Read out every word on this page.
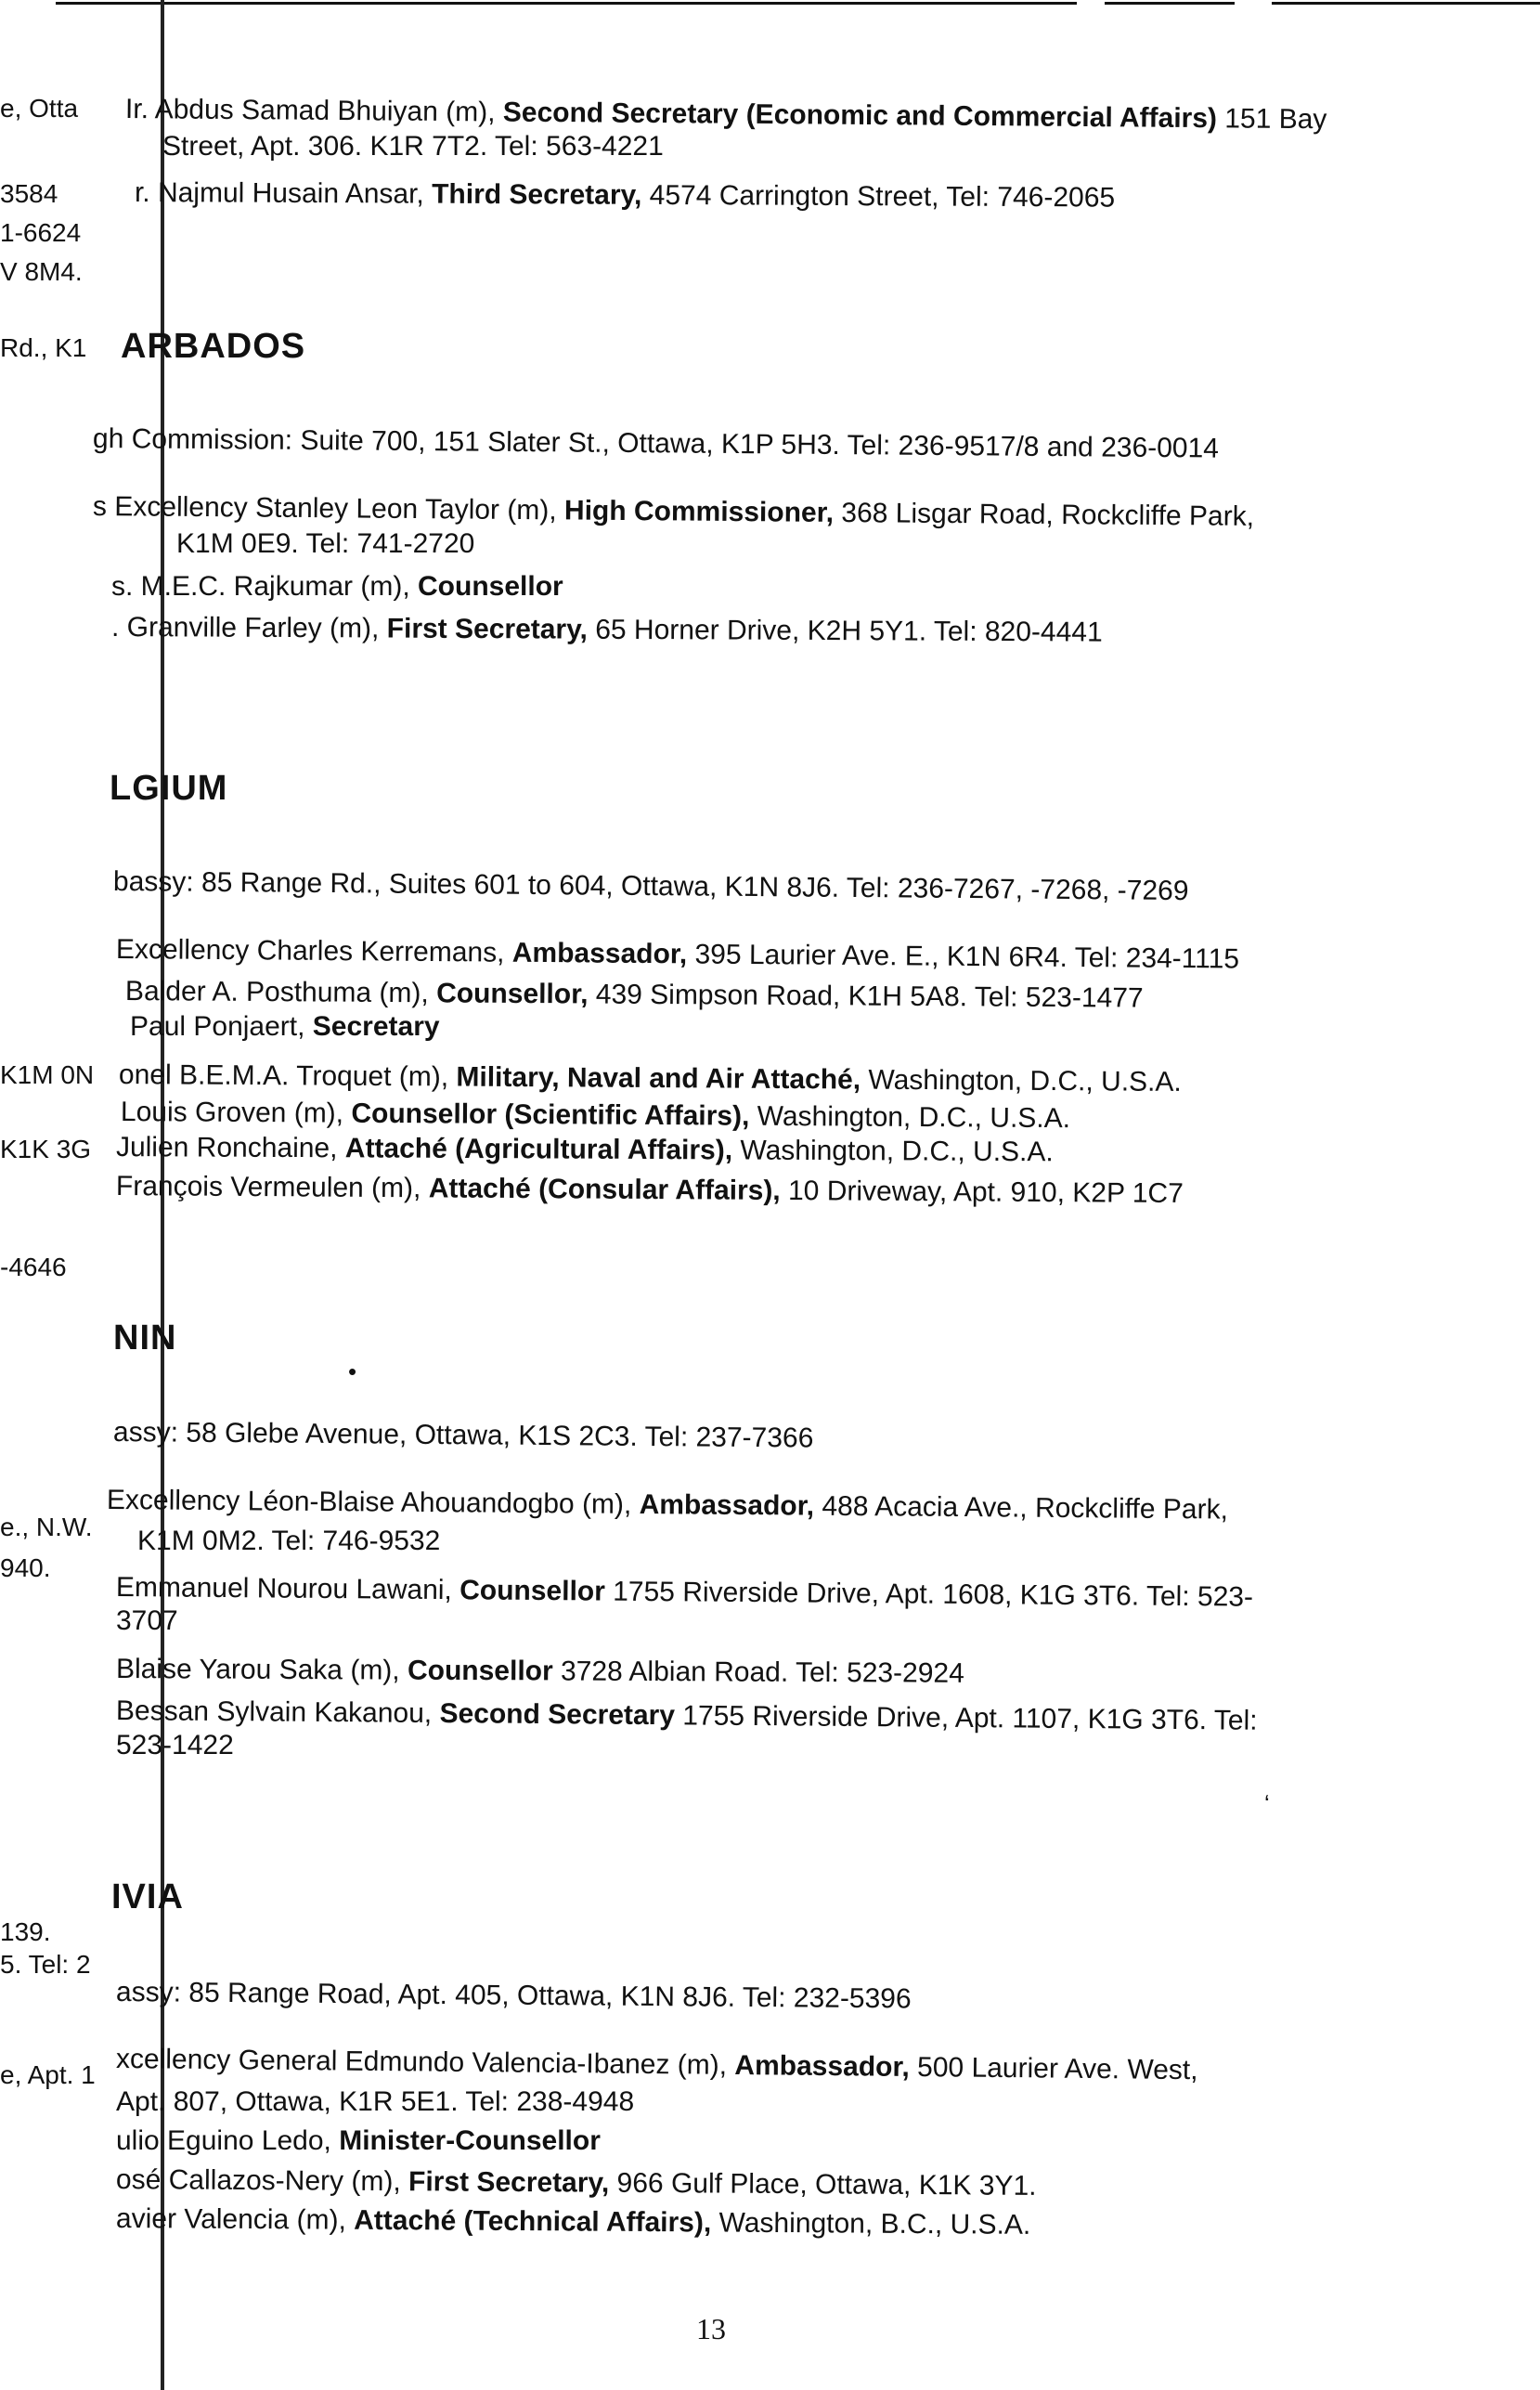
e, Otta
3584
1-6624
V 8M4.
Rd., K1
K1M 0N
K1K 3G
-4646
e., N.W.
940.
139.
5. Tel: 2
e, Apt. 1
Ir. Abdus Samad Bhuiyan (m), Second Secretary (Economic and Commercial Affairs) 151 Bay
Street, Apt. 306. K1R 7T2. Tel: 563-4221
r. Najmul Husain Ansar, Third Secretary, 4574 Carrington Street, Tel: 746-2065
ARBADOS
gh Commission: Suite 700, 151 Slater St., Ottawa, K1P 5H3. Tel: 236-9517/8 and 236-0014
s Excellency Stanley Leon Taylor (m), High Commissioner, 368 Lisgar Road, Rockcliffe Park,
K1M 0E9. Tel: 741-2720
s. M.E.C. Rajkumar (m), Counsellor
. Granville Farley (m), First Secretary, 65 Horner Drive, K2H 5Y1. Tel: 820-4441
LGIUM
bassy: 85 Range Rd., Suites 601 to 604, Ottawa, K1N 8J6. Tel: 236-7267, -7268, -7269
Excellency Charles Kerremans, Ambassador, 395 Laurier Ave. E., K1N 6R4. Tel: 234-1115
Balder A. Posthuma (m), Counsellor, 439 Simpson Road, K1H 5A8. Tel: 523-1477
Paul Ponjaert, Secretary
onel B.E.M.A. Troquet (m), Military, Naval and Air Attaché, Washington, D.C., U.S.A.
Louis Groven (m), Counsellor (Scientific Affairs), Washington, D.C., U.S.A.
Julien Ronchaine, Attaché (Agricultural Affairs), Washington, D.C., U.S.A.
François Vermeulen (m), Attaché (Consular Affairs), 10 Driveway, Apt. 910, K2P 1C7
NIN
•
assy: 58 Glebe Avenue, Ottawa, K1S 2C3. Tel: 237-7366
Excellency Léon-Blaise Ahouandogbo (m), Ambassador, 488 Acacia Ave., Rockcliffe Park,
K1M 0M2. Tel: 746-9532
Emmanuel Nourou Lawani, Counsellor 1755 Riverside Drive, Apt. 1608, K1G 3T6. Tel: 523-
3707
Blaise Yarou Saka (m), Counsellor 3728 Albian Road. Tel: 523-2924
Bessan Sylvain Kakanou, Second Secretary 1755 Riverside Drive, Apt. 1107, K1G 3T6. Tel:
523-1422
ʻ
IVIA
assy: 85 Range Road, Apt. 405, Ottawa, K1N 8J6. Tel: 232-5396
xcellency General Edmundo Valencia-Ibanez (m), Ambassador, 500 Laurier Ave. West,
Apt. 807, Ottawa, K1R 5E1. Tel: 238-4948
ulio Eguino Ledo, Minister-Counsellor
osé Callazos-Nery (m), First Secretary, 966 Gulf Place, Ottawa, K1K 3Y1.
avier Valencia (m), Attaché (Technical Affairs), Washington, B.C., U.S.A.
13
